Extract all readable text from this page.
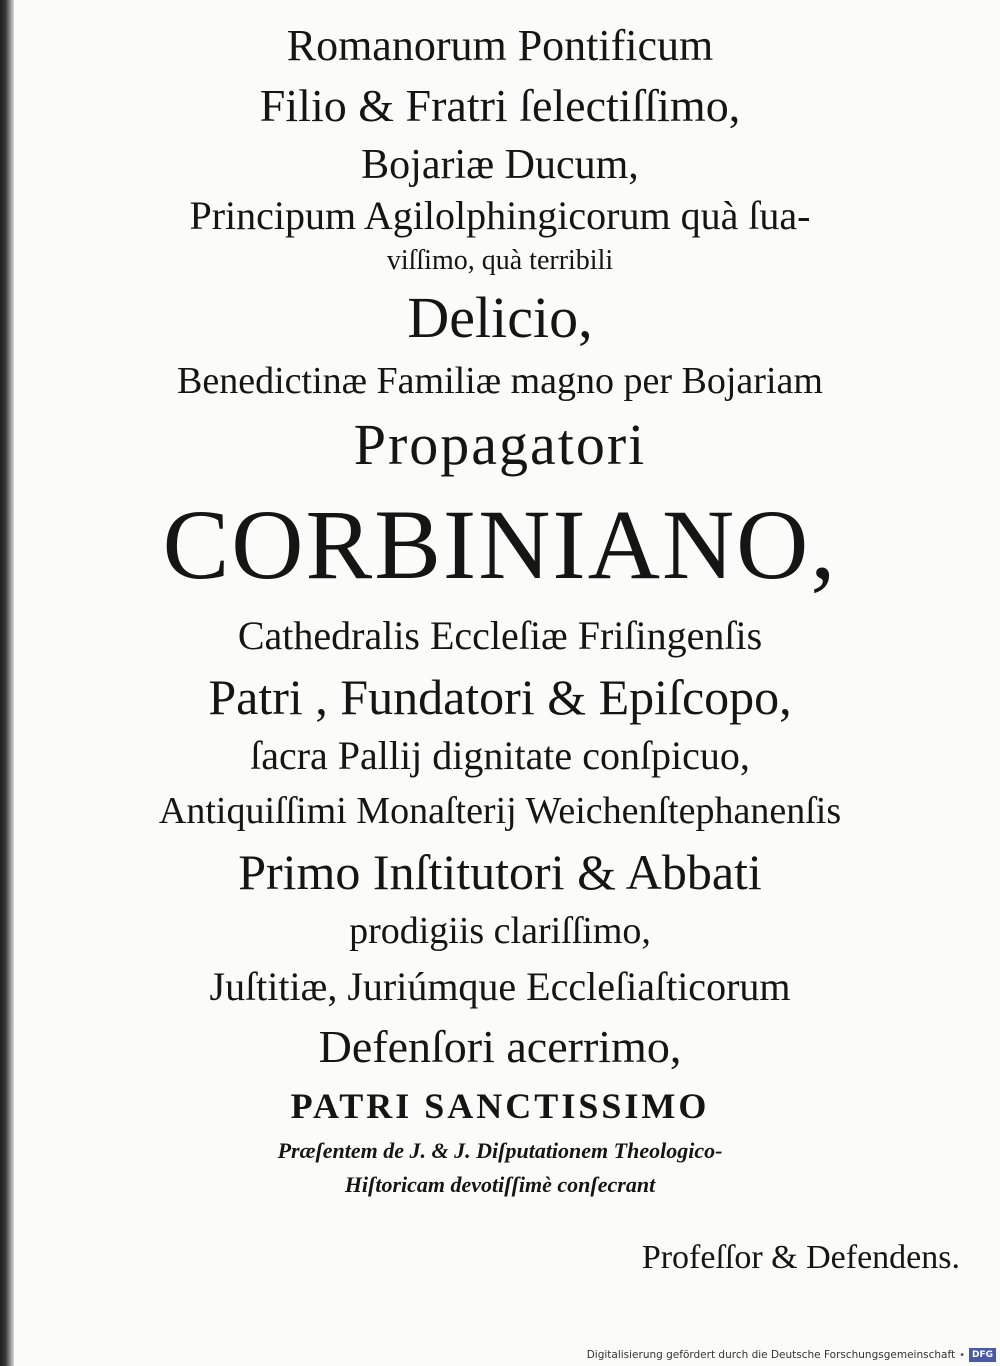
Romanorum Pontificum
Filio & Fratri ſelectiſſimo,
Bojariæ Ducum,
Principum Agilolphingicorum quà ſua-
viſſimo, quà terribili
Delicio,
Benedictinæ Familiæ magno per Bojariam
Propagatori
CORBINIANO,
Cathedralis Eccleſiæ Friſingenſis
Patri , Fundatori & Epiſcopo,
ſacra Pallij dignitate conſpicuo,
Antiquiſſimi Monaſterij Weichenſtephanenſis
Primo Inſtitutori & Abbati
prodigiis clariſſimo,
Juſtitiæ, Juriúmque Eccleſiaſticorum
Defenſori acerrimo,
PATRI SANCTISSIMO
Præſentem de J. & J. Diſputationem Theologico-
Hiſtoricam devotiſſimè conſecrant
Profeſſor & Defendens.
Digitalisierung gefördert durch die Deutsche Forschungsgemeinschaft • DFG
